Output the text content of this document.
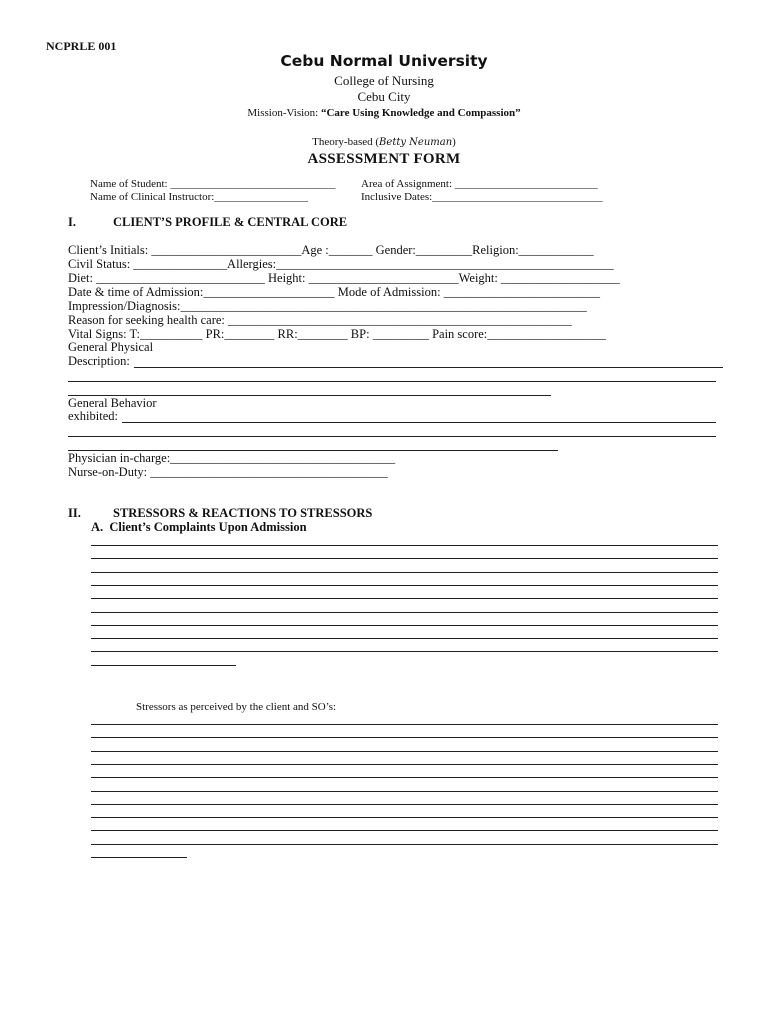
NCPRLE 001
Cebu Normal University
College of Nursing
Cebu City
Mission-Vision: “Care Using Knowledge and Compassion”
Theory-based (Betty Neuman)
ASSESSMENT FORM
Name of Student: ______________________________ Area of Assignment: __________________________
Name of Clinical Instructor:_________________	Inclusive Dates:_______________________________
I.	CLIENT’S PROFILE & CENTRAL CORE
Client’s Initials: ________________________Age :_______ Gender:_________Religion:____________
Civil Status: _______________Allergies:______________________________________________________
Diet: ___________________________ Height: ________________________Weight: ___________________
Date & time of Admission:_____________________ Mode of Admission: _________________________
Impression/Diagnosis:_________________________________________________________________
Reason for seeking health care: _______________________________________________________
Vital Signs: T:__________ PR:________ RR:________ BP: _________ Pain score:___________________
General Physical
Description:
General Behavior
exhibited:
Physician in-charge:____________________________________
Nurse-on-Duty: ______________________________________
II.	STRESSORS & REACTIONS TO STRESSORS
A.  Client’s Complaints Upon Admission
Stressors as perceived by the client and SO’s:
